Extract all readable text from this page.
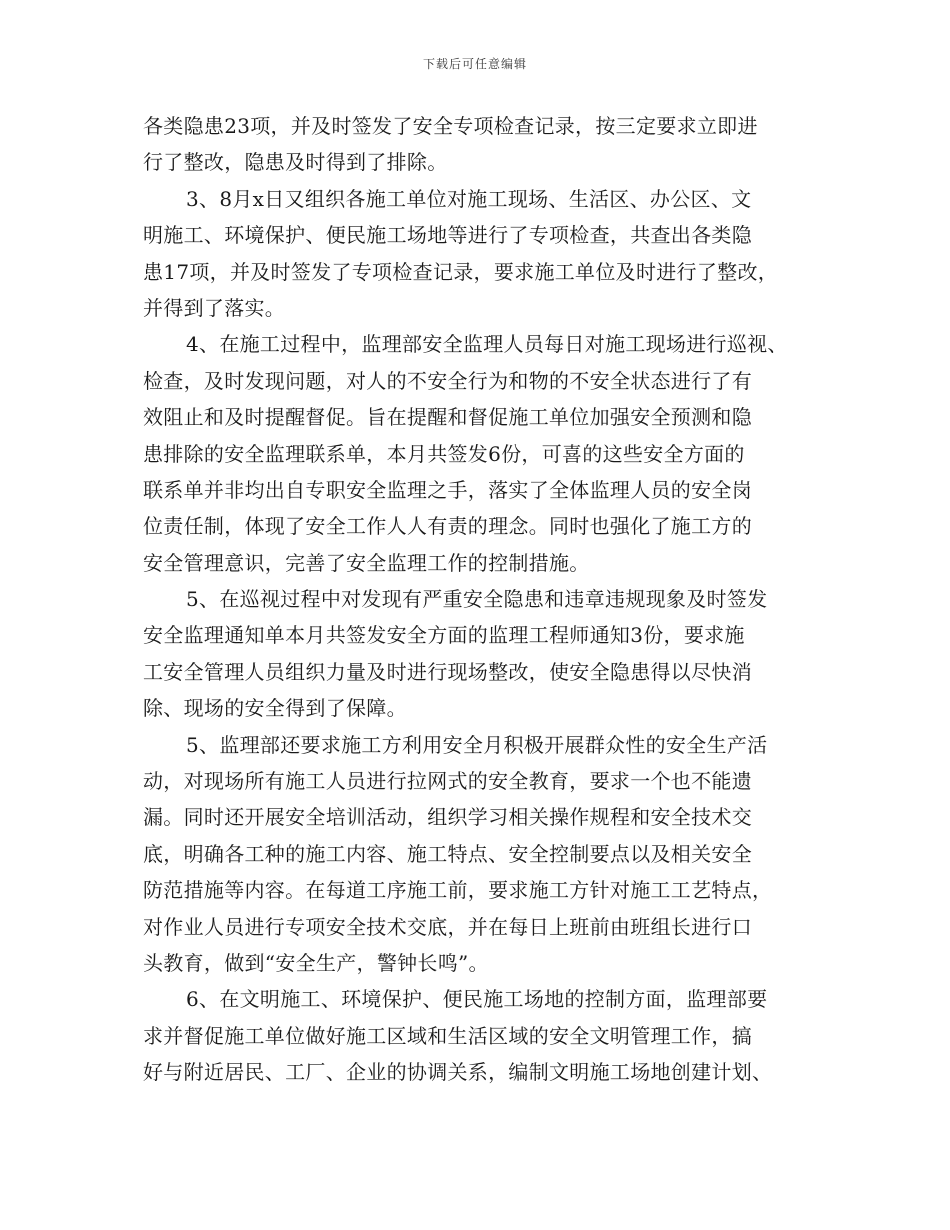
下载后可任意编辑
各类隐患23项，并及时签发了安全专项检查记录，按三定要求立即进
行了整改，隐患及时得到了排除。
3、8月x日又组织各施工单位对施工现场、生活区、办公区、文
明施工、环境保护、便民施工场地等进行了专项检查，共查出各类隐
患17项，并及时签发了专项检查记录，要求施工单位及时进行了整改，
并得到了落实。
4、在施工过程中，监理部安全监理人员每日对施工现场进行巡视、
检查，及时发现问题，对人的不安全行为和物的不安全状态进行了有
效阻止和及时提醒督促。旨在提醒和督促施工单位加强安全预测和隐
患排除的安全监理联系单，本月共签发6份，可喜的这些安全方面的
联系单并非均出自专职安全监理之手，落实了全体监理人员的安全岗
位责任制，体现了安全工作人人有责的理念。同时也强化了施工方的
安全管理意识，完善了安全监理工作的控制措施。
5、在巡视过程中对发现有严重安全隐患和违章违规现象及时签发
安全监理通知单本月共签发安全方面的监理工程师通知3份，要求施
工安全管理人员组织力量及时进行现场整改，使安全隐患得以尽快消
除、现场的安全得到了保障。
5、监理部还要求施工方利用安全月积极开展群众性的安全生产活
动，对现场所有施工人员进行拉网式的安全教育，要求一个也不能遗
漏。同时还开展安全培训活动，组织学习相关操作规程和安全技术交
底，明确各工种的施工内容、施工特点、安全控制要点以及相关安全
防范措施等内容。在每道工序施工前，要求施工方针对施工工艺特点，
对作业人员进行专项安全技术交底，并在每日上班前由班组长进行口
头教育，做到“安全生产，警钟长鸣”。
6、在文明施工、环境保护、便民施工场地的控制方面，监理部要
求并督促施工单位做好施工区域和生活区域的安全文明管理工作，搞
好与附近居民、工厂、企业的协调关系，编制文明施工场地创建计划、
